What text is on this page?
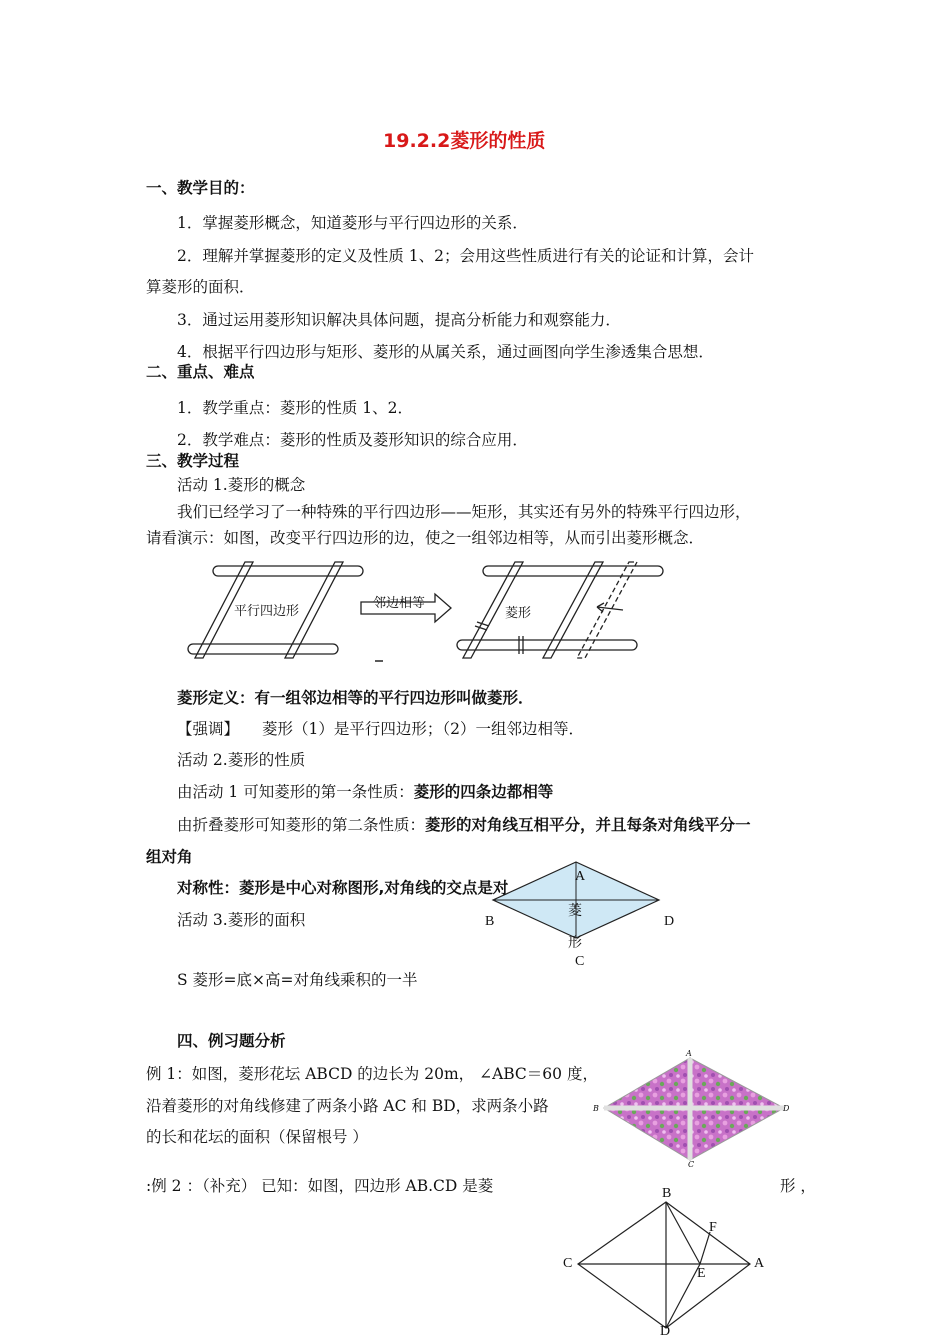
19.2.2菱形的性质
一、教学目的：
1．掌握菱形概念，知道菱形与平行四边形的关系．
2．理解并掌握菱形的定义及性质 1、2；会用这些性质进行有关的论证和计算，会计
算菱形的面积．
3．通过运用菱形知识解决具体问题，提高分析能力和观察能力．
4．根据平行四边形与矩形、菱形的从属关系，通过画图向学生渗透集合思想．
二、重点、难点
1．教学重点：菱形的性质 1、2．
2．教学难点：菱形的性质及菱形知识的综合应用．
三、教学过程
活动 1.菱形的概念
我们已经学习了一种特殊的平行四边形——矩形，其实还有另外的特殊平行四边形，
请看演示：如图，改变平行四边形的边，使之一组邻边相等，从而引出菱形概念．
平行四边形
邻边相等
菱形
菱形定义：有一组邻边相等的平行四边形叫做菱形．
【强调】 菱形（1）是平行四边形；（2）一组邻边相等．
活动 2.菱形的性质
由活动 1 可知菱形的第一条性质：菱形的四条边都相等
由折叠菱形可知菱形的第二条性质：菱形的对角线互相平分，并且每条对角线平分一
组对角
对称性：菱形是中心对称图形,对角线的交点是对
A
B	D
C
菱
形
活动 3.菱形的面积
S 菱形=底×高=对角线乘积的一半
四、例习题分析
例 1：如图，菱形花坛 ABCD 的边长为 20m， ∠ABC＝60 度，
沿着菱形的对角线修建了两条小路 AC 和 BD，求两条小路
的长和花坛的面积（保留根号 ）
A
B	D
C
:例 2 ：（补充） 已知：如图，四边形 AB.CD 是菱	形 ，
B
F
C
E
A
D
